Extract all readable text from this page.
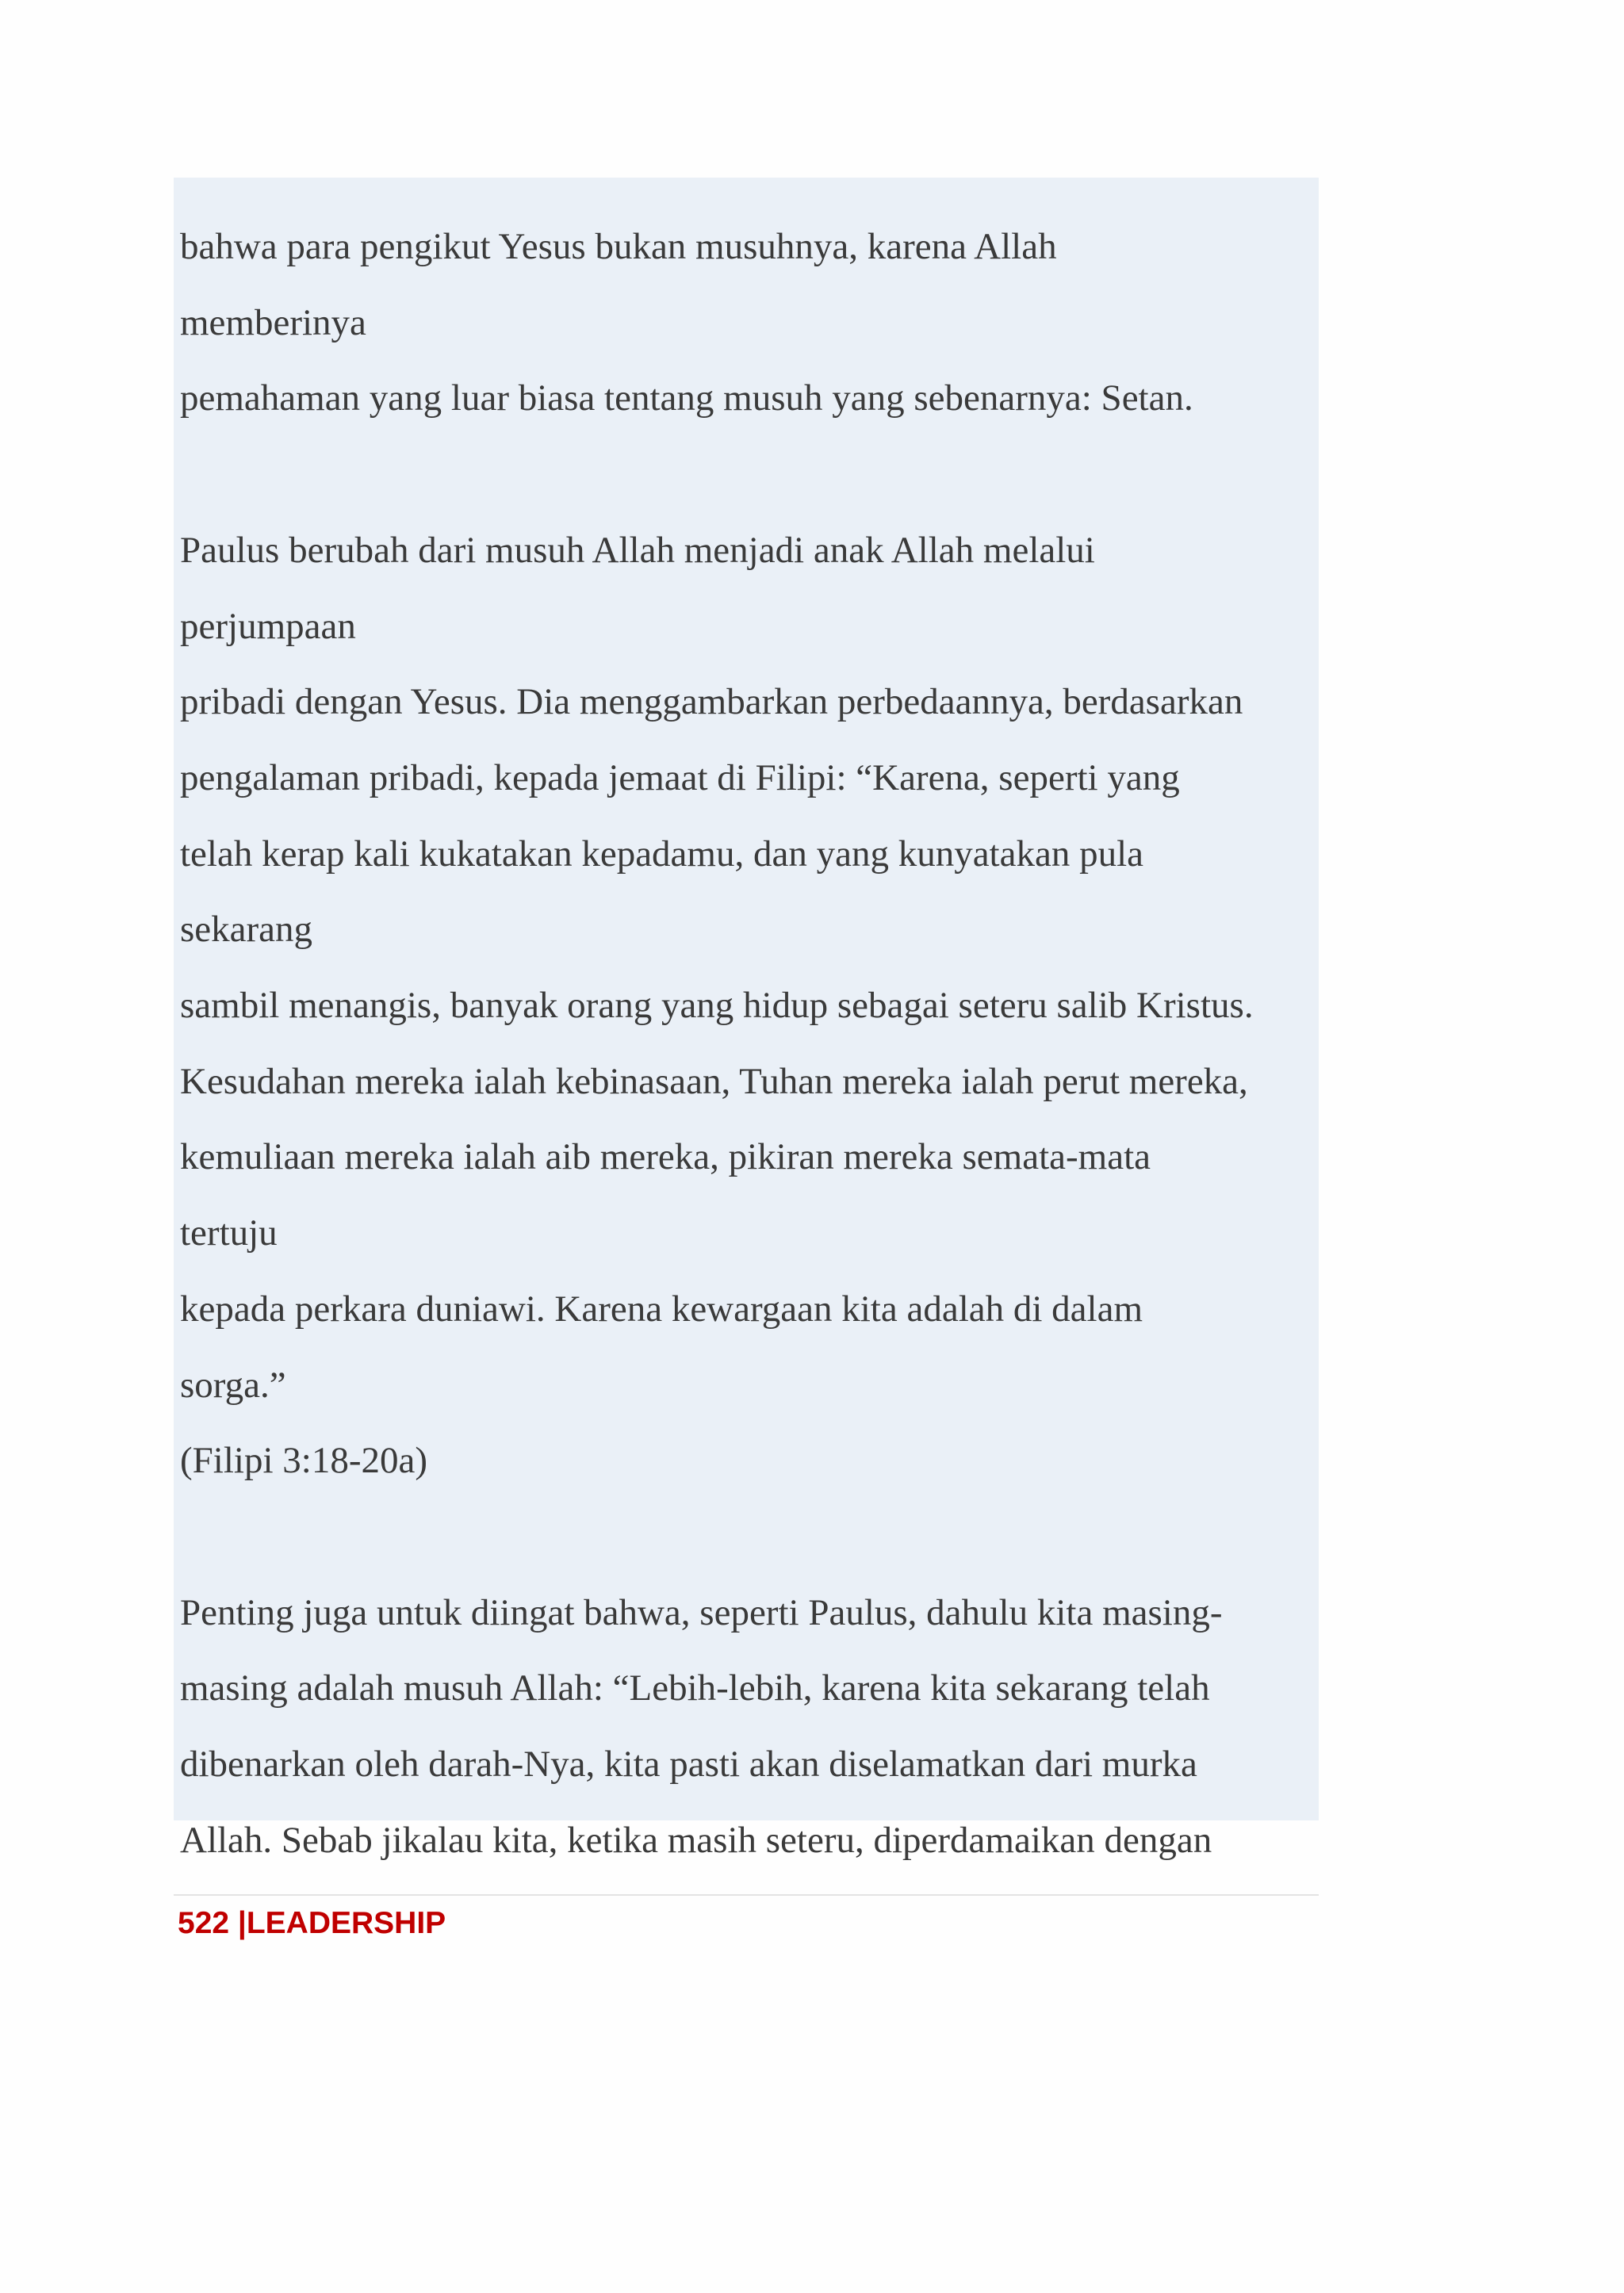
bahwa para pengikut Yesus bukan musuhnya, karena Allah
memberinya
pemahaman yang luar biasa tentang musuh yang sebenarnya: Setan.
Paulus berubah dari musuh Allah menjadi anak Allah melalui
perjumpaan
pribadi dengan Yesus. Dia menggambarkan perbedaannya, berdasarkan
pengalaman pribadi, kepada jemaat di Filipi: “Karena, seperti yang
telah kerap kali kukatakan kepadamu, dan yang kunyatakan pula
sekarang
sambil menangis, banyak orang yang hidup sebagai seteru salib Kristus.
Kesudahan mereka ialah kebinasaan, Tuhan mereka ialah perut mereka,
kemuliaan mereka ialah aib mereka, pikiran mereka semata-mata
tertuju
kepada perkara duniawi. Karena kewargaan kita adalah di dalam
sorga.”
(Filipi 3:18-20a)
Penting juga untuk diingat bahwa, seperti Paulus, dahulu kita masing-
masing adalah musuh Allah: “Lebih-lebih, karena kita sekarang telah
dibenarkan oleh darah-Nya, kita pasti akan diselamatkan dari murka
Allah. Sebab jikalau kita, ketika masih seteru, diperdamaikan dengan
522 |LEADERSHIP
